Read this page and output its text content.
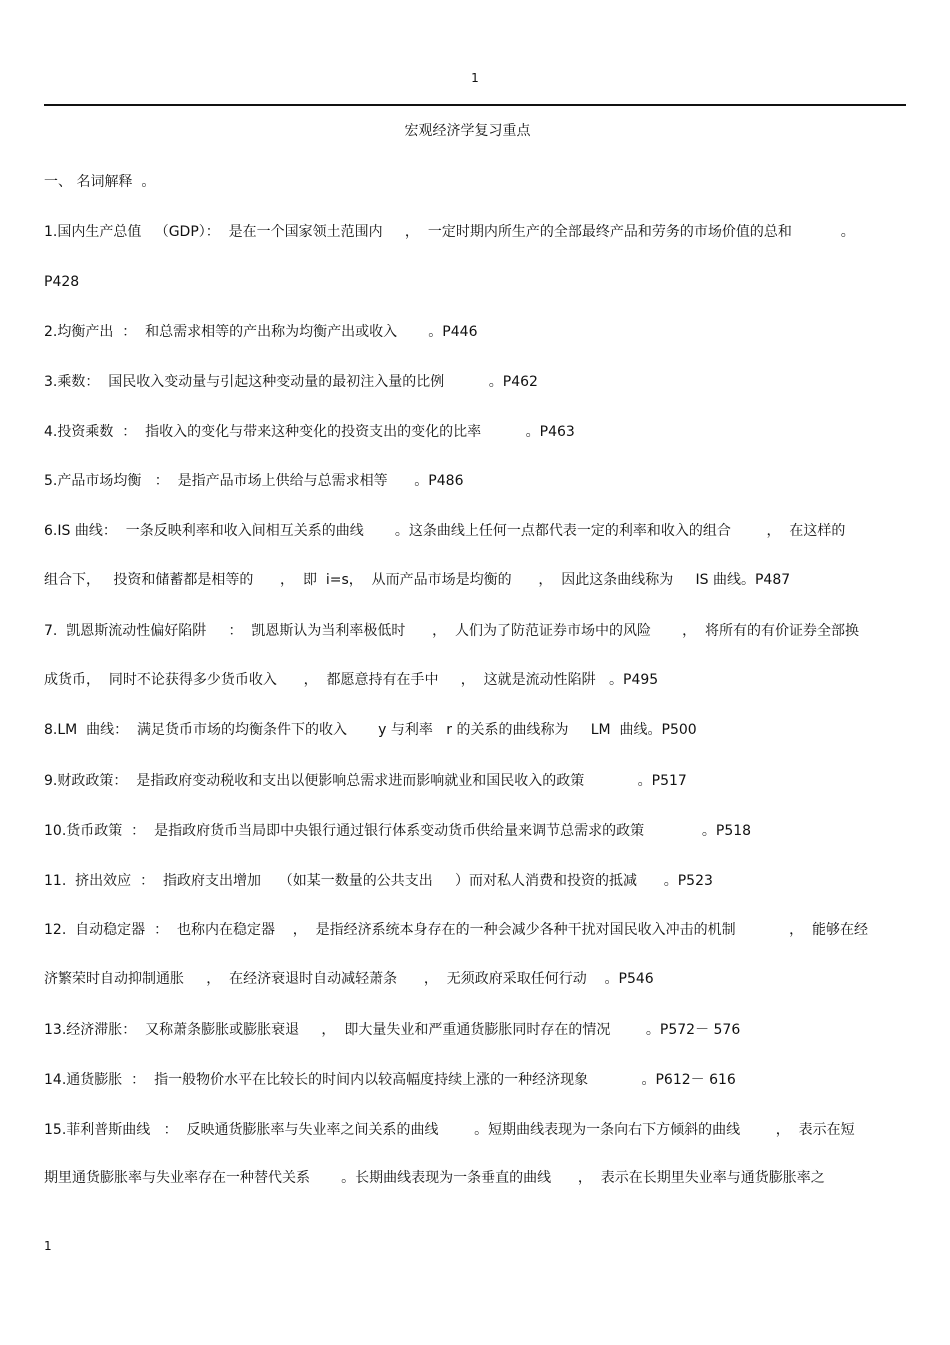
1
宏观经济学复习重点
一、 名词解释  。
1.国内生产总值   （GDP）：  是在一个国家领土范围内     ，  一定时期内所生产的全部最终产品和劳务的市场价值的总和           。
P428
2.均衡产出  ：  和总需求相等的产出称为均衡产出或收入       。P446
3.乘数：  国民收入变动量与引起这种变动量的最初注入量的比例          。P462
4.投资乘数  ：  指收入的变化与带来这种变化的投资支出的变化的比率          。P463
5.产品市场均衡   ：  是指产品市场上供给与总需求相等      。P486
6.IS 曲线：  一条反映利率和收入间相互关系的曲线       。这条曲线上任何一点都代表一定的利率和收入的组合        ，  在这样的
组合下，   投资和储蓄都是相等的      ，  即  i=s，  从而产品市场是均衡的      ，  因此这条曲线称为     IS 曲线。P487
7.  凯恩斯流动性偏好陷阱     ：  凯恩斯认为当利率极低时      ，  人们为了防范证券市场中的风险       ，  将所有的有价证券全部换
成货币，  同时不论获得多少货币收入      ，  都愿意持有在手中     ，  这就是流动性陷阱   。P495
8.LM  曲线：  满足货币市场的均衡条件下的收入       y 与利率   r 的关系的曲线称为     LM  曲线。P500
9.财政政策：  是指政府变动税收和支出以便影响总需求进而影响就业和国民收入的政策            。P517
10.货币政策  ：  是指政府货币当局即中央银行通过银行体系变动货币供给量来调节总需求的政策             。P518
11.  挤出效应  ：  指政府支出增加    （如某一数量的公共支出     ）而对私人消费和投资的抵减      。P523
12.  自动稳定器  ：  也称内在稳定器    ，  是指经济系统本身存在的一种会减少各种干扰对国民收入冲击的机制            ，  能够在经
济繁荣时自动抑制通胀     ，  在经济衰退时自动减轻萧条      ，  无须政府采取任何行动    。P546
13.经济滞胀：  又称萧条膨胀或膨胀衰退     ，  即大量失业和严重通货膨胀同时存在的情况        。P572－ 576
14.通货膨胀  ：  指一般物价水平在比较长的时间内以较高幅度持续上涨的一种经济现象            。P612－ 616
15.菲利普斯曲线   ：  反映通货膨胀率与失业率之间关系的曲线        。短期曲线表现为一条向右下方倾斜的曲线        ，  表示在短
期里通货膨胀率与失业率存在一种替代关系       。长期曲线表现为一条垂直的曲线      ，  表示在长期里失业率与通货膨胀率之
1
